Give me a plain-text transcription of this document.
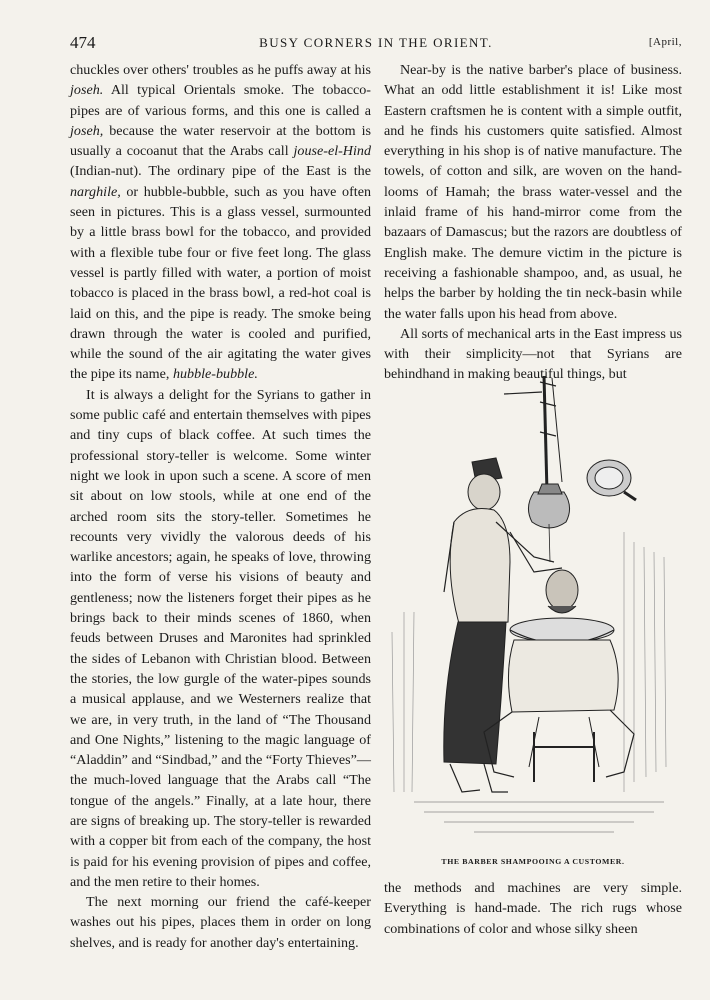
474	BUSY CORNERS IN THE ORIENT.	[April,

chuckles over others' troubles as he puffs away at his joseh. All typical Orientals smoke. The tobacco-pipes are of various forms, and this one is called a joseh, because the water reservoir at the bottom is usually a cocoanut that the Arabs call jouse-el-Hind (Indian-nut). The ordinary pipe of the East is the narghile, or hubble-bubble, such as you have often seen in pictures. This is a glass vessel, surmounted by a little brass bowl for the tobacco, and provided with a flexible tube four or five feet long. The glass vessel is partly filled with water, a portion of moist tobacco is placed in the brass bowl, a red-hot coal is laid on this, and the pipe is ready. The smoke being drawn through the water is cooled and purified, while the sound of the air agitating the water gives the pipe its name, hubble-bubble.

It is always a delight for the Syrians to gather in some public café and entertain themselves with pipes and tiny cups of black coffee. At such times the professional story-teller is welcome. Some winter night we look in upon such a scene. A score of men sit about on low stools, while at one end of the arched room sits the story-teller. Sometimes he recounts very vividly the valorous deeds of his warlike ancestors; again, he speaks of love, throwing into the form of verse his visions of beauty and gentleness; now the listeners forget their pipes as he brings back to their minds scenes of 1860, when feuds between Druses and Maronites had sprinkled the sides of Lebanon with Christian blood. Between the stories, the low gurgle of the water-pipes sounds a musical applause, and we Westerners realize that we are, in very truth, in the land of “The Thousand and One Nights,” listening to the magic language of “Aladdin” and “Sindbad,” and the “Forty Thieves”—the much-loved language that the Arabs call “The tongue of the angels.” Finally, at a late hour, there are signs of breaking up. The story-teller is rewarded with a copper bit from each of the company, the host is paid for his evening provision of pipes and coffee, and the men retire to their homes.

The next morning our friend the café-keeper washes out his pipes, places them in order on long shelves, and is ready for another day's entertaining.

Near-by is the native barber's place of business. What an odd little establishment it is! Like most Eastern craftsmen he is content with a simple outfit, and he finds his customers quite satisfied. Almost everything in his shop is of native manufacture. The towels, of cotton and silk, are woven on the hand-looms of Hamah; the brass water-vessel and the inlaid frame of his hand-mirror come from the bazaars of Damascus; but the razors are doubtless of English make. The demure victim in the picture is receiving a fashionable shampoo, and, as usual, he helps the barber by holding the tin neck-basin while the water falls upon his head from above.

All sorts of mechanical arts in the East impress us with their simplicity—not that Syrians are behindhand in making beautiful things, but

THE BARBER SHAMPOOING A CUSTOMER.

the methods and machines are very simple. Everything is hand-made. The rich rugs whose combinations of color and whose silky sheen
